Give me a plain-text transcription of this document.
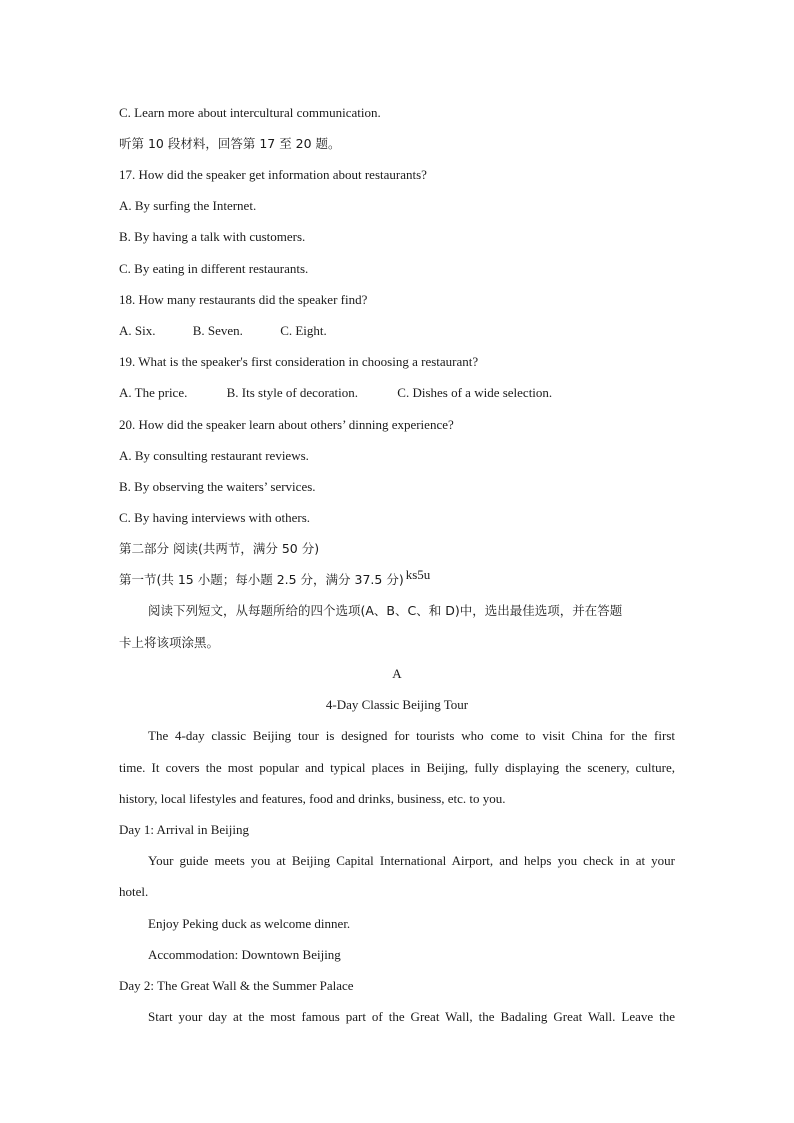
C. Learn more about intercultural communication.
听第 10 段材料，回答第 17 至 20 题。
17. How did the speaker get information about restaurants?
A. By surfing the Internet.
B. By having a talk with customers.
C. By eating in different restaurants.
18. How many restaurants did the speaker find?
A. Six.	B. Seven.	C. Eight.
19. What is the speaker's first consideration in choosing a restaurant?
A. The price.	B. Its style of decoration.	C. Dishes of a wide selection.
20. How did the speaker learn about others’ dinning experience?
A. By consulting restaurant reviews.
B. By observing the waiters’ services.
C. By having interviews with others.
第二部分 阅读(共两节，满分 50 分)
第一节(共 15 小题；每小题 2.5 分，满分 37.5 分) ks5u
阅读下列短文，从每题所给的四个选项(A、B、C、和 D)中，选出最佳选项，并在答题
卡上将该项涂黑。
A
4-Day Classic Beijing Tour
The 4-day classic Beijing tour is designed for tourists who come to visit China for the first
time. It covers the most popular and typical places in Beijing, fully displaying the scenery, culture,
history, local lifestyles and features, food and drinks, business, etc. to you.
Day 1: Arrival in Beijing
Your guide meets you at Beijing Capital International Airport, and helps you check in at your
hotel.
Enjoy Peking duck as welcome dinner.
Accommodation: Downtown Beijing
Day 2: The Great Wall & the Summer Palace
Start your day at the most famous part of the Great Wall, the Badaling Great Wall. Leave the
